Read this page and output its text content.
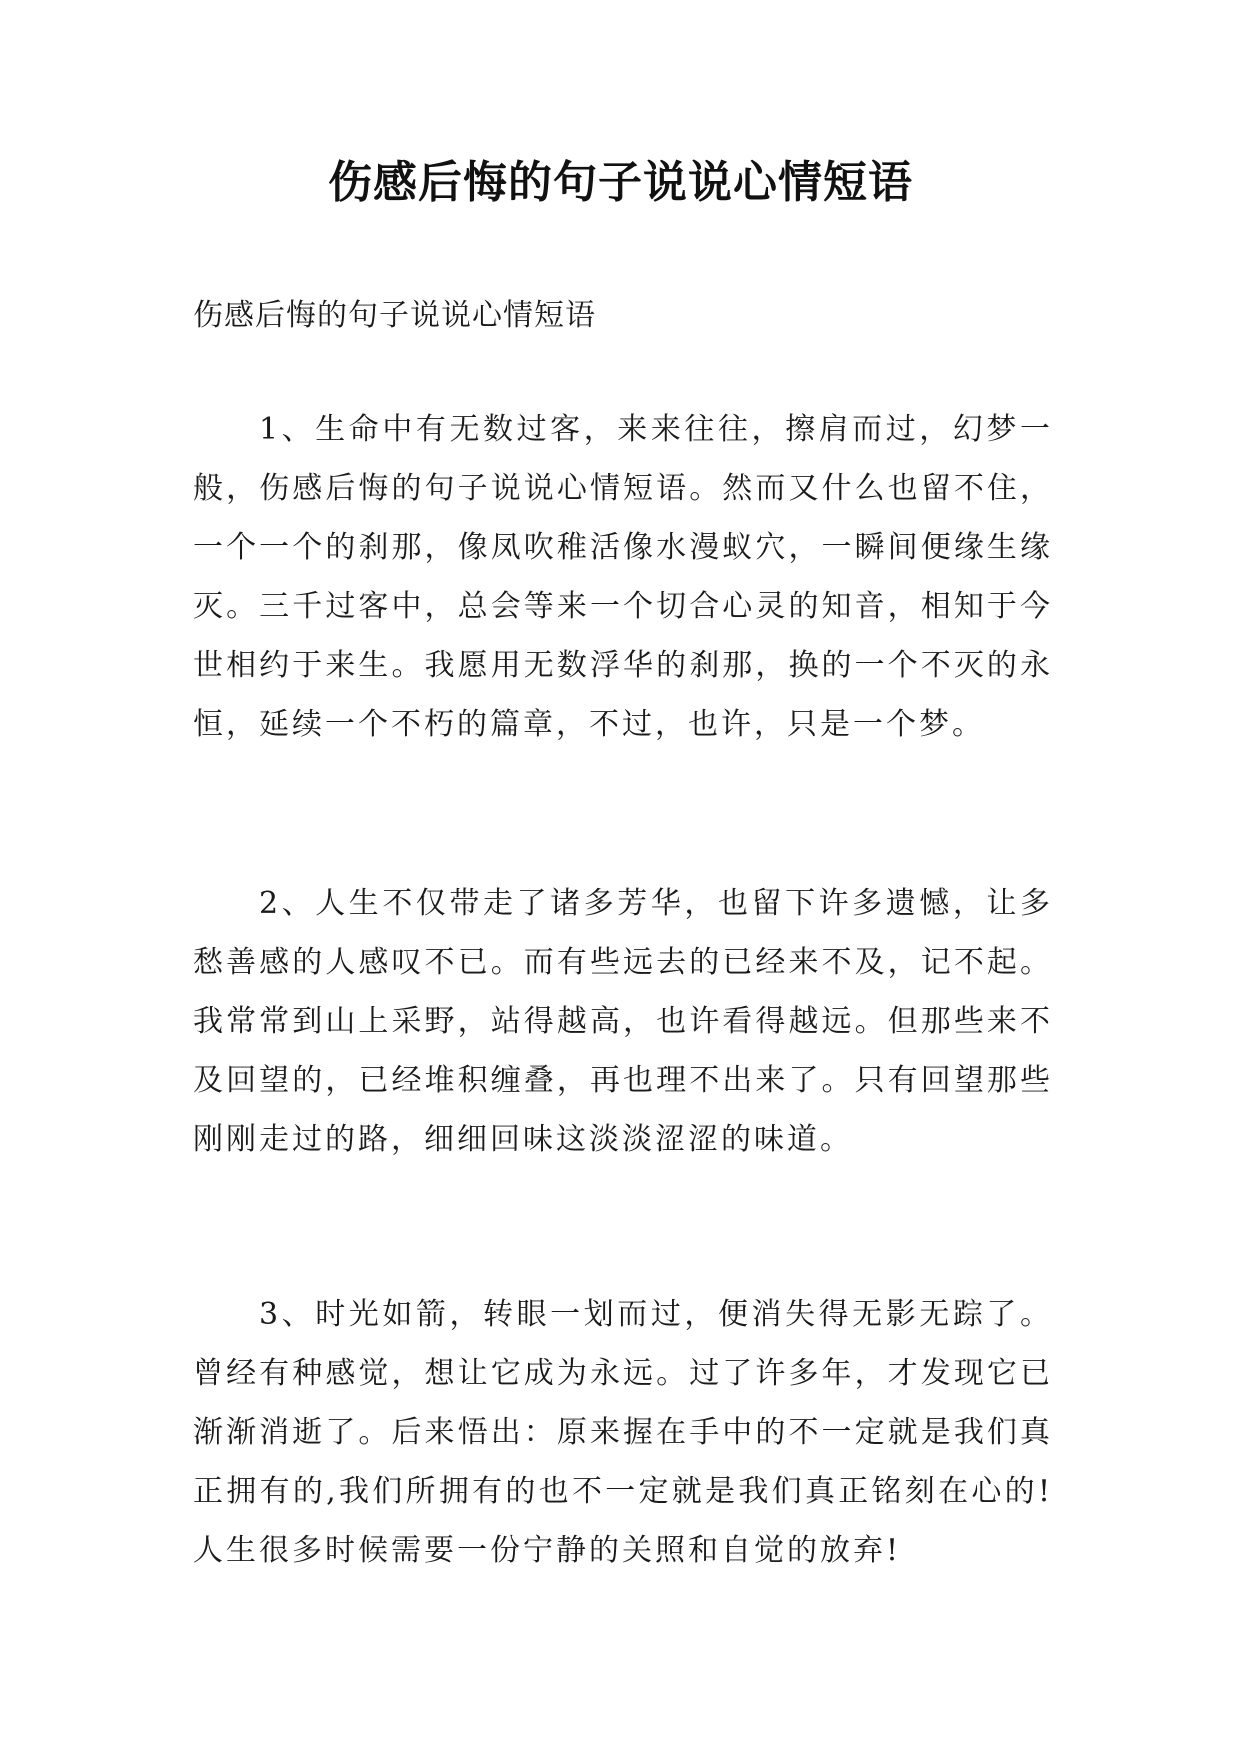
伤感后悔的句子说说心情短语

伤感后悔的句子说说心情短语

1、生命中有无数过客，来来往往，擦肩而过，幻梦一般，伤感后悔的句子说说心情短语。然而又什么也留不住，一个一个的刹那，像凤吹稚活像水漫蚁穴，一瞬间便缘生缘灭。三千过客中，总会等来一个切合心灵的知音，相知于今世相约于来生。我愿用无数浮华的刹那，换的一个不灭的永恒，延续一个不朽的篇章，不过，也许，只是一个梦。

2、人生不仅带走了诸多芳华，也留下许多遗憾，让多愁善感的人感叹不已。而有些远去的已经来不及，记不起。我常常到山上采野，站得越高，也许看得越远。但那些来不及回望的，已经堆积缠叠，再也理不出来了。只有回望那些刚刚走过的路，细细回味这淡淡涩涩的味道。

3、时光如箭，转眼一划而过，便消失得无影无踪了。曾经有种感觉，想让它成为永远。过了许多年，才发现它已渐渐消逝了。后来悟出：原来握在手中的不一定就是我们真正拥有的,我们所拥有的也不一定就是我们真正铭刻在心的!人生很多时候需要一份宁静的关照和自觉的放弃!
